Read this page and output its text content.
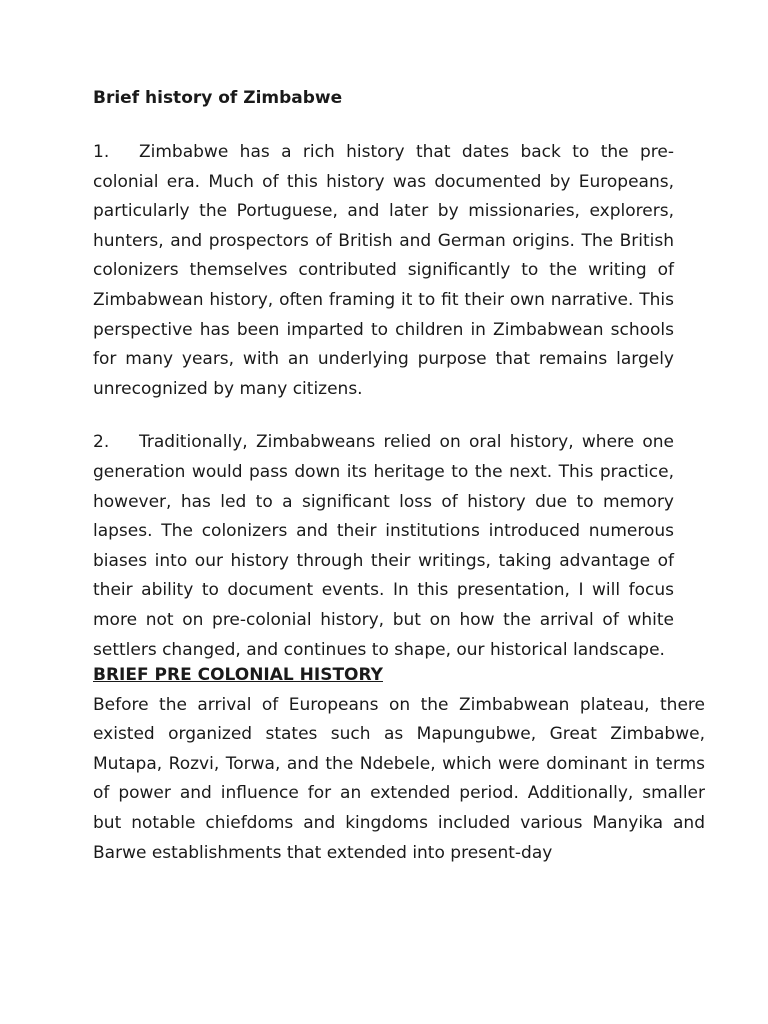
Brief history of Zimbabwe

1. Zimbabwe has a rich history that dates back to the pre-colonial era. Much of this history was documented by Europeans, particularly the Portuguese, and later by missionaries, explorers, hunters, and prospectors of British and German origins. The British colonizers themselves contributed significantly to the writing of Zimbabwean history, often framing it to fit their own narrative. This perspective has been imparted to children in Zimbabwean schools for many years, with an underlying purpose that remains largely unrecognized by many citizens.

2. Traditionally, Zimbabweans relied on oral history, where one generation would pass down its heritage to the next. This practice, however, has led to a significant loss of history due to memory lapses. The colonizers and their institutions introduced numerous biases into our history through their writings, taking advantage of their ability to document events. In this presentation, I will focus more not on pre-colonial history, but on how the arrival of white settlers changed, and continues to shape, our historical landscape.

BRIEF PRE COLONIAL HISTORY

Before the arrival of Europeans on the Zimbabwean plateau, there existed organized states such as Mapungubwe, Great Zimbabwe, Mutapa, Rozvi, Torwa, and the Ndebele, which were dominant in terms of power and influence for an extended period. Additionally, smaller but notable chiefdoms and kingdoms included various Manyika and Barwe establishments that extended into present-day
